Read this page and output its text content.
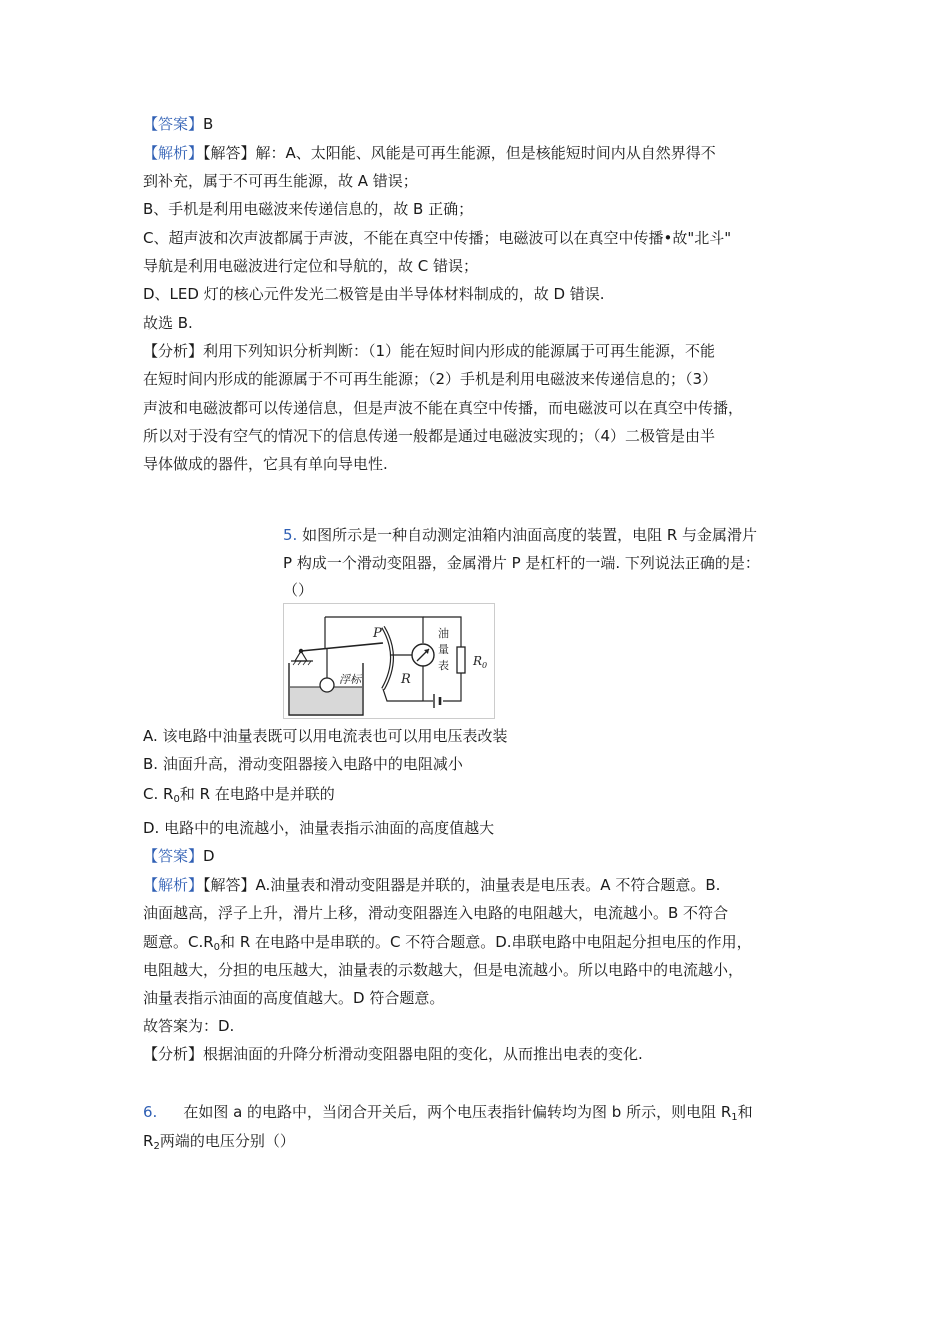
【答案】B
【解析】【解答】解：A、太阳能、风能是可再生能源，但是核能短时间内从自然界得不
到补充，属于不可再生能源，故 A 错误；
B、手机是利用电磁波来传递信息的，故 B 正确；
C、超声波和次声波都属于声波，不能在真空中传播；电磁波可以在真空中传播•故"北斗"
导航是利用电磁波进行定位和导航的，故 C 错误；
D、LED 灯的核心元件发光二极管是由半导体材料制成的，故 D 错误.
故选 B.
【分析】利用下列知识分析判断：（1）能在短时间内形成的能源属于可再生能源，不能
在短时间内形成的能源属于不可再生能源；（2）手机是利用电磁波来传递信息的；（3）
声波和电磁波都可以传递信息，但是声波不能在真空中传播，而电磁波可以在真空中传播，
所以对于没有空气的情况下的信息传递一般都是通过电磁波实现的；（4）二极管是由半
导体做成的器件，它具有单向导电性.
5. 如图所示是一种自动测定油箱内油面高度的装置，电阻 R 与金属滑片
P 构成一个滑动变阻器，金属滑片 P 是杠杆的一端. 下列说法正确的是：
（）
浮标
P
R
油
量
表 $R_0$
A. 该电路中油量表既可以用电流表也可以用电压表改装
B. 油面升高，滑动变阻器接入电路中的电阻减小
C. $R_0$和 R 在电路中是并联的
D. 电路中的电流越小，油量表指示油面的高度值越大
【答案】D
【解析】【解答】A.油量表和滑动变阻器是并联的，油量表是电压表。A 不符合题意。B.
油面越高，浮子上升，滑片上移，滑动变阻器连入电路的电阻越大，电流越小。B 不符合
题意。$C.R_0$和 R 在电路中是串联的。C 不符合题意。D.串联电路中电阻起分担电压的作用，
电阻越大，分担的电压越大，油量表的示数越大，但是电流越小。所以电路中的电流越小，
油量表指示油面的高度值越大。D 符合题意。
故答案为：D.
【分析】根据油面的升降分析滑动变阻器电阻的变化，从而推出电表的变化.
6. 在如图 a 的电路中，当闭合开关后，两个电压表指针偏转均为图 b 所示，则电阻 $R_1$和
$R_2$两端的电压分别（）
